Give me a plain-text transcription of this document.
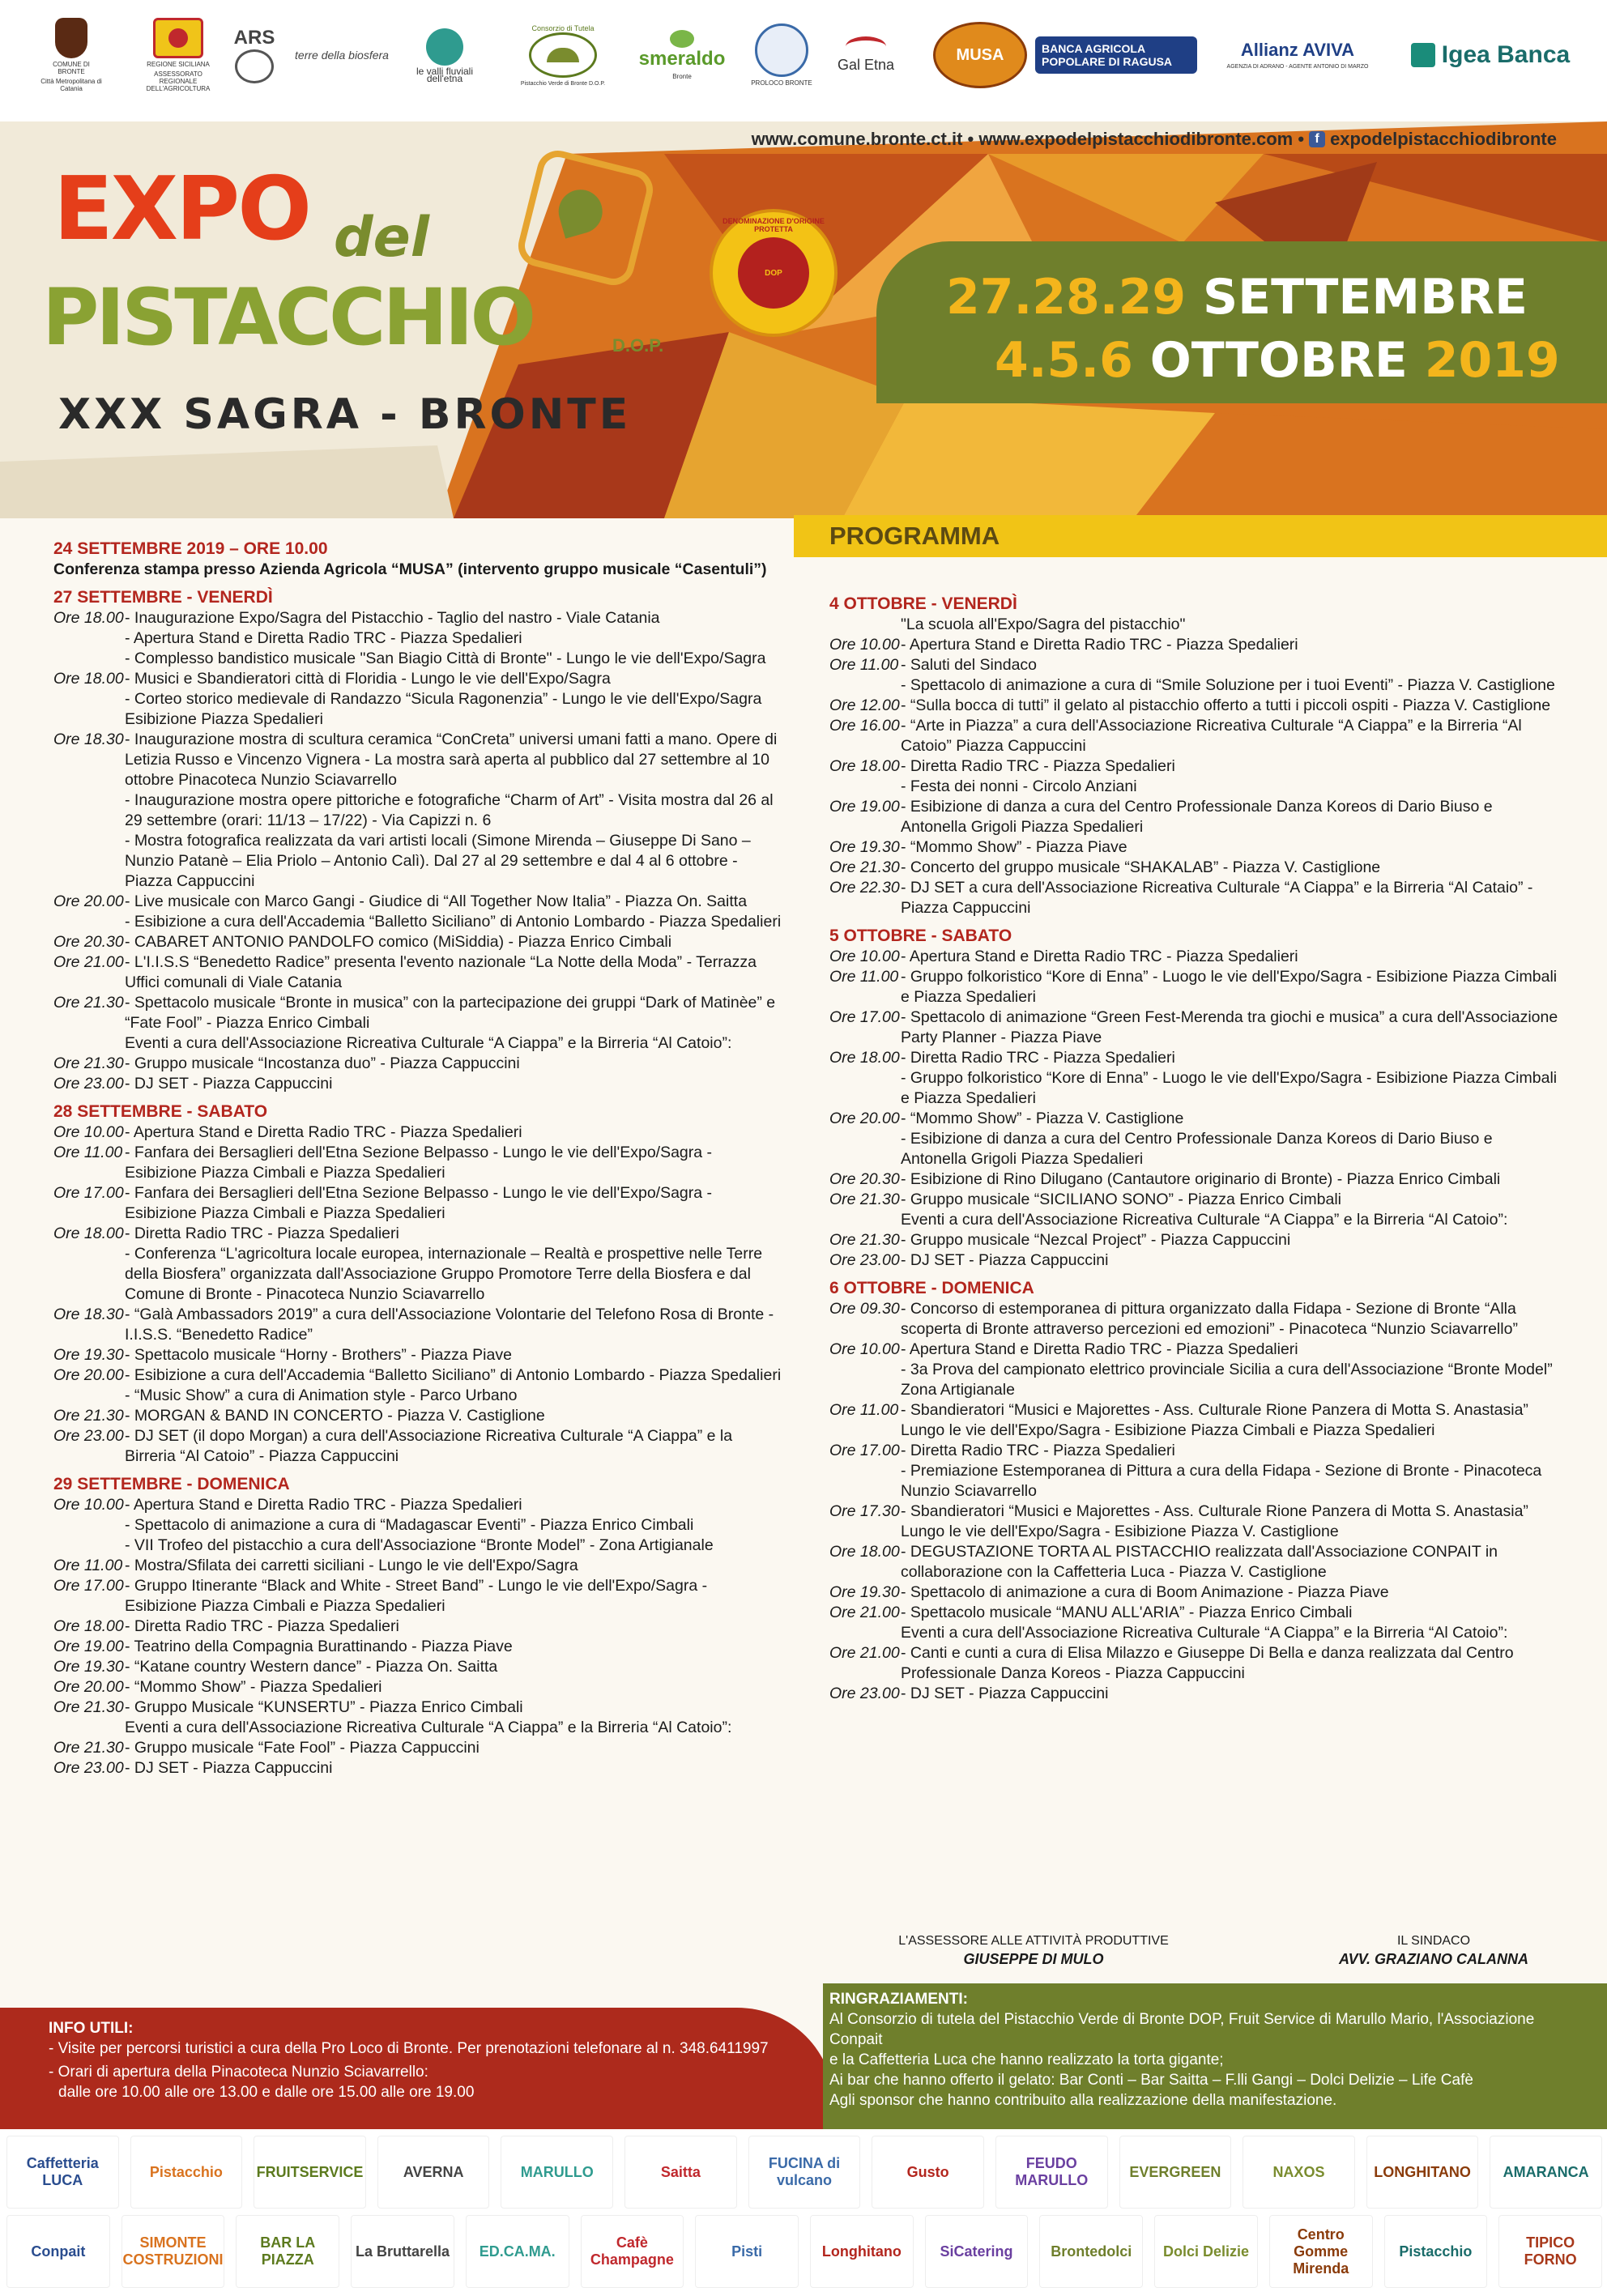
COMUNE DI BRONTE
Città Metropolitana di Catania
REGIONE SICILIANA
ASSESSORATO REGIONALE DELL'AGRICOLTURA
ARS
terre della biosfera
le valli fluviali dell'etna
Consorzio di Tutela
Pistacchio Verde di Bronte D.O.P.
smeraldo
Bronte
PROLOCO BRONTE
Gal Etna
MUSA	BANCA AGRICOLA POPOLARE DI RAGUSA
Allianz AVIVA
AGENZIA DI ADRANO - AGENTE ANTONIO DI MARZO	Igea Banca
www.comune.bronte.ct.it • www.expodelpistacchiodibronte.com • f expodelpistacchiodibronte
EXPO del
PISTACCHIO	D.O.P.
XXX SAGRA - BRONTE
DENOMINAZIONE D'ORIGINE PROTETTA
DOP	27.28.29 SETTEMBRE
4.5.6 OTTOBRE 2019
PROGRAMMA
24 SETTEMBRE 2019 – ORE 10.00
Conferenza stampa presso Azienda Agricola “MUSA” (intervento gruppo musicale “Casentuli”)
27 SETTEMBRE - VENERDÌ
Ore 18.00 - Inaugurazione Expo/Sagra del Pistacchio - Taglio del nastro - Viale Catania
- Apertura Stand e Diretta Radio TRC - Piazza Spedalieri
- Complesso bandistico musicale "San Biagio Città di Bronte" - Lungo le vie dell'Expo/Sagra
Ore 18.00 - Musici e Sbandieratori città di Floridia - Lungo le vie dell'Expo/Sagra
- Corteo storico medievale di Randazzo “Sicula Ragonenzia” - Lungo le vie dell'Expo/Sagra Esibizione Piazza Spedalieri
Ore 18.30 - Inaugurazione mostra di scultura ceramica “ConCreta” universi umani fatti a mano. Opere di Letizia Russo e Vincenzo Vignera - La mostra sarà aperta al pubblico dal 27 settembre al 10 ottobre Pinacoteca Nunzio Sciavarrello
- Inaugurazione mostra opere pittoriche e fotografiche “Charm of Art” - Visita mostra dal 26 al 29 settembre (orari: 11/13 – 17/22) - Via Capizzi n. 6
- Mostra fotografica realizzata da vari artisti locali (Simone Mirenda – Giuseppe Di Sano – Nunzio Patanè – Elia Priolo – Antonio Calì). Dal 27 al 29 settembre e dal 4 al 6 ottobre - Piazza Cappuccini
Ore 20.00 - Live musicale con Marco Gangi - Giudice di “All Together Now Italia” - Piazza On. Saitta
- Esibizione a cura dell'Accademia “Balletto Siciliano” di Antonio Lombardo - Piazza Spedalieri
Ore 20.30 - CABARET ANTONIO PANDOLFO comico (MiSiddia) - Piazza Enrico Cimbali
Ore 21.00 - L'I.I.S.S “Benedetto Radice” presenta l'evento nazionale “La Notte della Moda” - Terrazza Uffici comunali di Viale Catania
Ore 21.30 - Spettacolo musicale “Bronte in musica” con la partecipazione dei gruppi “Dark of Matinèe” e “Fate Fool” - Piazza Enrico Cimbali
Eventi a cura dell'Associazione Ricreativa Culturale “A Ciappa” e la Birreria “Al Catoio”:
Ore 21.30 - Gruppo musicale “Incostanza duo” - Piazza Cappuccini
Ore 23.00 - DJ SET - Piazza Cappuccini
28 SETTEMBRE - SABATO
Ore 10.00 - Apertura Stand e Diretta Radio TRC - Piazza Spedalieri
Ore 11.00 - Fanfara dei Bersaglieri dell'Etna Sezione Belpasso - Lungo le vie dell'Expo/Sagra - Esibizione Piazza Cimbali e Piazza Spedalieri
Ore 17.00 - Fanfara dei Bersaglieri dell'Etna Sezione Belpasso - Lungo le vie dell'Expo/Sagra - Esibizione Piazza Cimbali e Piazza Spedalieri
Ore 18.00 - Diretta Radio TRC - Piazza Spedalieri
- Conferenza “L'agricoltura locale europea, internazionale – Realtà e prospettive nelle Terre della Biosfera” organizzata dall'Associazione Gruppo Promotore Terre della Biosfera e dal Comune di Bronte - Pinacoteca Nunzio Sciavarrello
Ore 18.30 - “Galà Ambassadors 2019” a cura dell'Associazione Volontarie del Telefono Rosa di Bronte - I.I.S.S. “Benedetto Radice”
Ore 19.30 - Spettacolo musicale “Horny - Brothers” - Piazza Piave
Ore 20.00 - Esibizione a cura dell'Accademia “Balletto Siciliano” di Antonio Lombardo - Piazza Spedalieri
- “Music Show” a cura di Animation style - Parco Urbano
Ore 21.30 - MORGAN & BAND IN CONCERTO - Piazza V. Castiglione
Ore 23.00 - DJ SET (il dopo Morgan) a cura dell'Associazione Ricreativa Culturale “A Ciappa” e la Birreria “Al Catoio” - Piazza Cappuccini
29 SETTEMBRE - DOMENICA
Ore 10.00 - Apertura Stand e Diretta Radio TRC - Piazza Spedalieri
- Spettacolo di animazione a cura di “Madagascar Eventi” - Piazza Enrico Cimbali
- VII Trofeo del pistacchio a cura dell'Associazione “Bronte Model” - Zona Artigianale
Ore 11.00 - Mostra/Sfilata dei carretti siciliani - Lungo le vie dell'Expo/Sagra
Ore 17.00 - Gruppo Itinerante “Black and White - Street Band” - Lungo le vie dell'Expo/Sagra - Esibizione Piazza Cimbali e Piazza Spedalieri
Ore 18.00 - Diretta Radio TRC - Piazza Spedalieri
Ore 19.00 - Teatrino della Compagnia Burattinando - Piazza Piave
Ore 19.30 - “Katane country Western dance” - Piazza On. Saitta
Ore 20.00 - “Mommo Show” - Piazza Spedalieri
Ore 21.30 - Gruppo Musicale “KUNSERTU” - Piazza Enrico Cimbali
Eventi a cura dell'Associazione Ricreativa Culturale “A Ciappa” e la Birreria “Al Catoio”:
Ore 21.30 - Gruppo musicale “Fate Fool” - Piazza Cappuccini
Ore 23.00 - DJ SET - Piazza Cappuccini
4 OTTOBRE - VENERDÌ
"La scuola all'Expo/Sagra del pistacchio"
Ore 10.00 - Apertura Stand e Diretta Radio TRC - Piazza Spedalieri
Ore 11.00 - Saluti del Sindaco
- Spettacolo di animazione a cura di “Smile Soluzione per i tuoi Eventi” - Piazza V. Castiglione
Ore 12.00 - “Sulla bocca di tutti” il gelato al pistacchio offerto a tutti i piccoli ospiti - Piazza V. Castiglione
Ore 16.00 - “Arte in Piazza” a cura dell'Associazione Ricreativa Culturale “A Ciappa” e la Birreria “Al Catoio” Piazza Cappuccini
Ore 18.00 - Diretta Radio TRC - Piazza Spedalieri
- Festa dei nonni - Circolo Anziani
Ore 19.00 - Esibizione di danza a cura del Centro Professionale Danza Koreos di Dario Biuso e Antonella Grigoli Piazza Spedalieri
Ore 19.30 - “Mommo Show” - Piazza Piave
Ore 21.30 - Concerto del gruppo musicale “SHAKALAB” - Piazza V. Castiglione
Ore 22.30 - DJ SET a cura dell'Associazione Ricreativa Culturale “A Ciappa” e la Birreria “Al Cataio” - Piazza Cappuccini
5 OTTOBRE - SABATO
Ore 10.00 - Apertura Stand e Diretta Radio TRC - Piazza Spedalieri
Ore 11.00 - Gruppo folkoristico “Kore di Enna” - Luogo le vie dell'Expo/Sagra - Esibizione Piazza Cimbali e Piazza Spedalieri
Ore 17.00 - Spettacolo di animazione “Green Fest-Merenda tra giochi e musica” a cura dell'Associazione Party Planner - Piazza Piave
Ore 18.00 - Diretta Radio TRC - Piazza Spedalieri
- Gruppo folkoristico “Kore di Enna” - Luogo le vie dell'Expo/Sagra - Esibizione Piazza Cimbali e Piazza Spedalieri
Ore 20.00 - “Mommo Show” - Piazza V. Castiglione
- Esibizione di danza a cura del Centro Professionale Danza Koreos di Dario Biuso e Antonella Grigoli Piazza Spedalieri
Ore 20.30 - Esibizione di Rino Dilugano (Cantautore originario di Bronte) - Piazza Enrico Cimbali
Ore 21.30 - Gruppo musicale “SICILIANO SONO” - Piazza Enrico Cimbali
Eventi a cura dell'Associazione Ricreativa Culturale “A Ciappa” e la Birreria “Al Catoio”:
Ore 21.30 - Gruppo musicale “Nezcal Project” - Piazza Cappuccini
Ore 23.00 - DJ SET - Piazza Cappuccini
6 OTTOBRE - DOMENICA
Ore 09.30 - Concorso di estemporanea di pittura organizzato dalla Fidapa - Sezione di Bronte “Alla scoperta di Bronte attraverso percezioni ed emozioni” - Pinacoteca “Nunzio Sciavarrello”
Ore 10.00 - Apertura Stand e Diretta Radio TRC - Piazza Spedalieri
- 3a Prova del campionato elettrico provinciale Sicilia a cura dell'Associazione “Bronte Model” Zona Artigianale
Ore 11.00 - Sbandieratori “Musici e Majorettes - Ass. Culturale Rione Panzera di Motta S. Anastasia” Lungo le vie dell'Expo/Sagra - Esibizione Piazza Cimbali e Piazza Spedalieri
Ore 17.00 - Diretta Radio TRC - Piazza Spedalieri
- Premiazione Estemporanea di Pittura a cura della Fidapa - Sezione di Bronte - Pinacoteca Nunzio Sciavarrello
Ore 17.30 - Sbandieratori “Musici e Majorettes - Ass. Culturale Rione Panzera di Motta S. Anastasia” Lungo le vie dell'Expo/Sagra - Esibizione Piazza V. Castiglione
Ore 18.00 - DEGUSTAZIONE TORTA AL PISTACCHIO realizzata dall'Associazione CONPAIT in collaborazione con la Caffetteria Luca - Piazza V. Castiglione
Ore 19.30 - Spettacolo di animazione a cura di Boom Animazione - Piazza Piave
Ore 21.00 - Spettacolo musicale “MANU ALL'ARIA” - Piazza Enrico Cimbali
Eventi a cura dell'Associazione Ricreativa Culturale “A Ciappa” e la Birreria “Al Catoio”:
Ore 21.00 - Canti e cunti a cura di Elisa Milazzo e Giuseppe Di Bella e danza realizzata dal Centro Professionale Danza Koreos - Piazza Cappuccini
Ore 23.00 - DJ SET - Piazza Cappuccini
L'ASSESSORE ALLE ATTIVITÀ PRODUTTIVE
GIUSEPPE DI MULO
IL SINDACO
AVV. GRAZIANO CALANNA
INFO UTILI:
- Visite per percorsi turistici a cura della Pro Loco di Bronte. Per prenotazioni telefonare al n. 348.6411997
- Orari di apertura della Pinacoteca Nunzio Sciavarrello:
dalle ore 10.00 alle ore 13.00 e dalle ore 15.00 alle ore 19.00
RINGRAZIAMENTI:
Al Consorzio di tutela del Pistacchio Verde di Bronte DOP, Fruit Service di Marullo Mario, l'Associazione Conpait
e la Caffetteria Luca che hanno realizzato la torta gigante;
Ai bar che hanno offerto il gelato: Bar Conti – Bar Saitta – F.lli Gangi – Dolci Delizie – Life Cafè
Agli sponsor che hanno contribuito alla realizzazione della manifestazione.
Caffetteria LUCA
Pistacchio	FRUITSERVICE	AVERNA	MARULLO	Saitta
FUCINA di vulcano
Gusto
FEUDO MARULLO
EVERGREEN	NAXOS	LONGHITANO	AMARANCA
Conpait
SIMONTE COSTRUZIONI
BAR LA PIAZZA
La Bruttarella	ED.CA.MA.
Cafè Champagne
Pisti	Longhitano	SiCatering	Brontedolci	Dolci Delizie
Centro Gomme Mirenda
Pistacchio
TIPICO FORNO
